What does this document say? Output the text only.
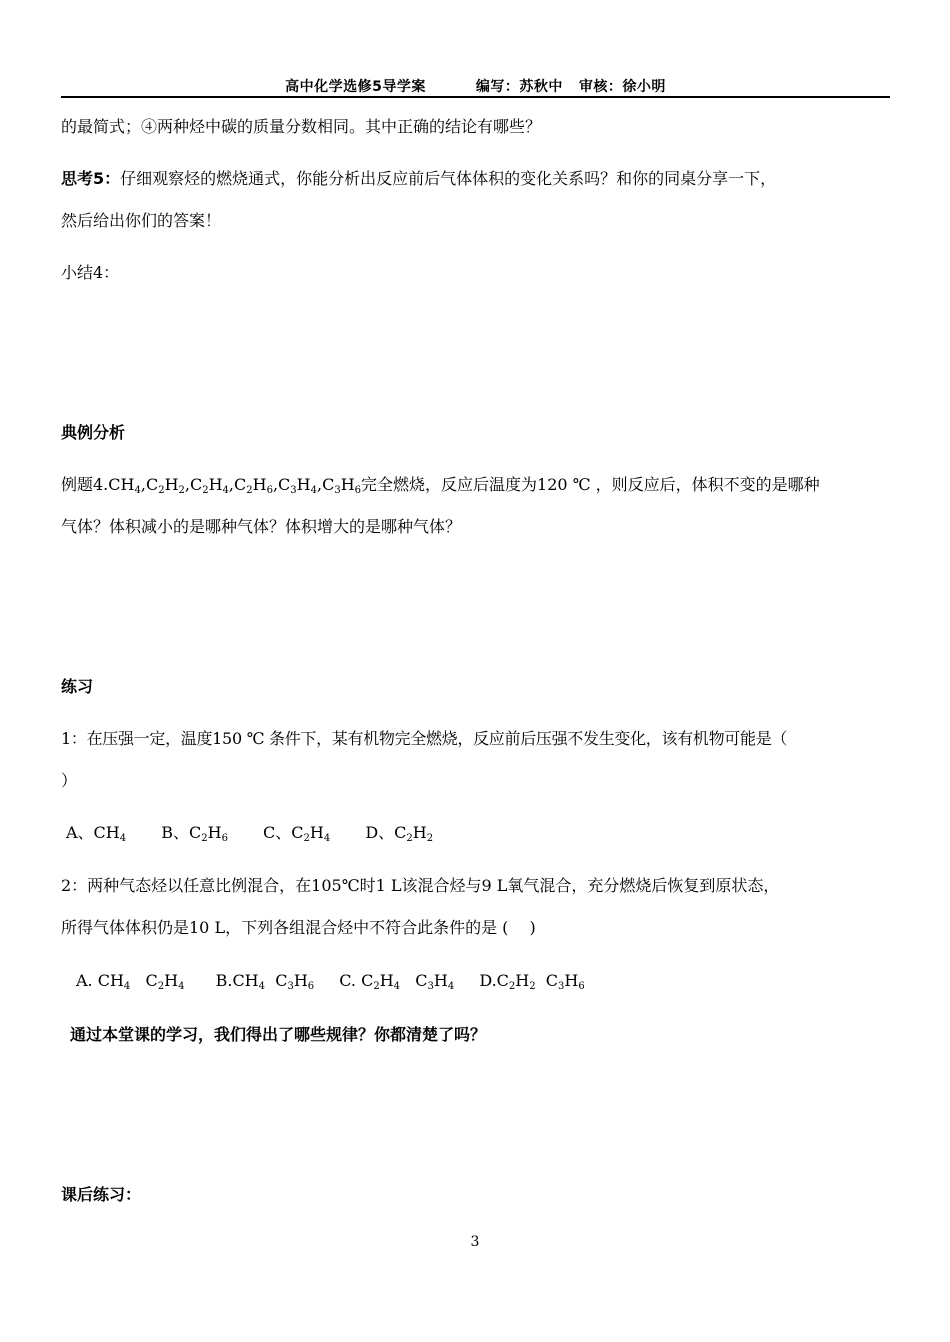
高中化学选修5导学案	编写：苏秋中 审核：徐小明
的最简式；④两种烃中碳的质量分数相同。其中正确的结论有哪些？
思考5：仔细观察烃的燃烧通式，你能分析出反应前后气体体积的变化关系吗？和你的同桌分享一下，
然后给出你们的答案！
小结4：
典例分析
例题$4.CH_4,C_2H_2,C_2H_4,C_2H_6,C_3H_4,C_3H_6$完全燃烧，反应后温度为120 ℃ ，则反应后，体积不变的是哪种
气体？体积减小的是哪种气体？体积增大的是哪种气体？
练习
1：在压强一定，温度150 ℃ 条件下，某有机物完全燃烧，反应前后压强不发生变化，该有机物可能是（
）
A、$CH_4$ B、$C_2H_6$ C、$C_2H_4$ D、$C_2H_2$
2：两种气态烃以任意比例混合，在105℃时1 L该混合烃与9 L氧气混合，充分燃烧后恢复到原状态，
所得气体体积仍是10 L，下列各组混合烃中不符合此条件的是 (　 )
A. $CH_4$   $C_2H_4$ $B.CH_4$  $C_3H_6$ C. $C_2H_4$   $C_3H_4$ $D.C_2H_2$  $C_3H_6$
通过本堂课的学习，我们得出了哪些规律？你都清楚了吗？
课后练习：
3
